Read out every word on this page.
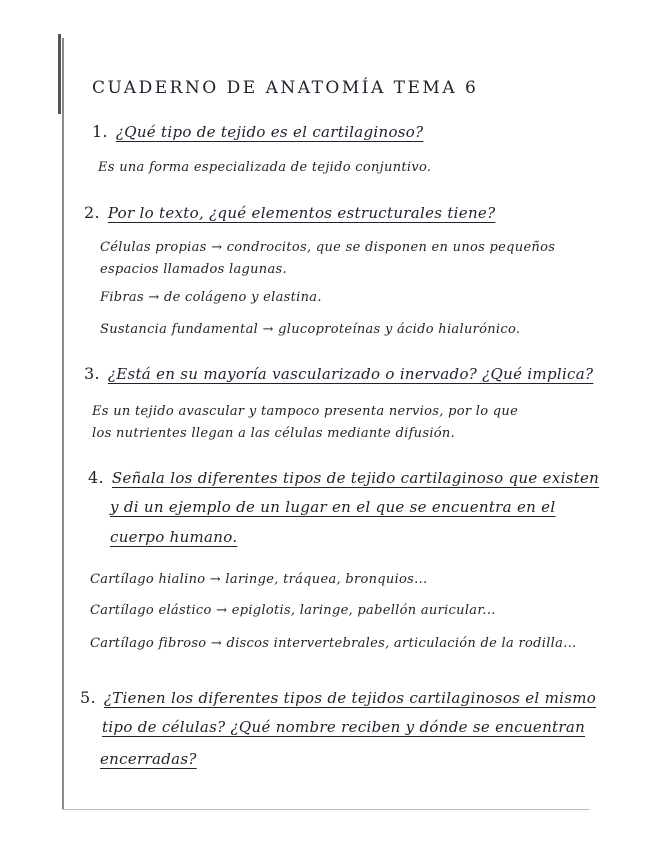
CUADERNO DE ANATOMÍA TEMA 6
1. ¿Qué tipo de tejido es el cartilaginoso?
Es una forma especializada de tejido conjuntivo.
2. Por lo texto, ¿qué elementos estructurales tiene?
Células propias → condrocitos, que se disponen en unos pequeños
espacios llamados lagunas.
Fibras → de colágeno y elastina.
Sustancia fundamental → glucoproteínas y ácido hialurónico.
3. ¿Está en su mayoría vascularizado o inervado? ¿Qué implica?
Es un tejido avascular y tampoco presenta nervios, por lo que
los nutrientes llegan a las células mediante difusión.
4. Señala los diferentes tipos de tejido cartilaginoso que existen
y di un ejemplo de un lugar en el que se encuentra en el
cuerpo humano.
Cartílago hialino → laringe, tráquea, bronquios...
Cartílago elástico → epiglotis, laringe, pabellón auricular...
Cartílago fibroso → discos intervertebrales, articulación de la rodilla...
5. ¿Tienen los diferentes tipos de tejidos cartilaginosos el mismo
tipo de células? ¿Qué nombre reciben y dónde se encuentran
encerradas?
